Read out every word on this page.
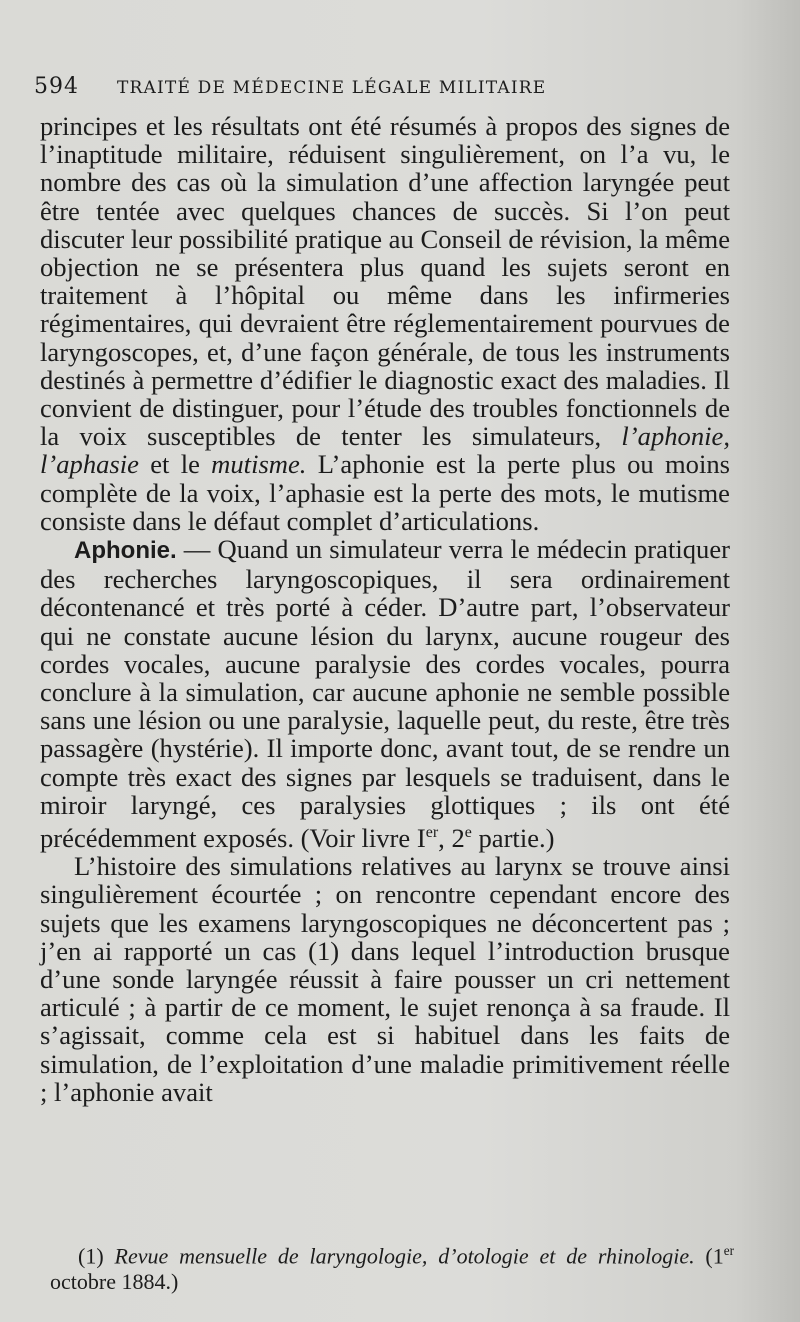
594 TRAITÉ DE MÉDECINE LÉGALE MILITAIRE

principes et les résultats ont été résumés à propos des signes de l’inaptitude militaire, réduisent singulièrement, on l’a vu, le nombre des cas où la simulation d’une affection laryngée peut être tentée avec quelques chances de succès. Si l’on peut discuter leur possibilité pratique au Conseil de révision, la même objection ne se présentera plus quand les sujets seront en traitement à l’hôpital ou même dans les infirmeries régimentaires, qui devraient être réglementairement pourvues de laryngoscopes, et, d’une façon générale, de tous les instruments destinés à permettre d’édifier le diagnostic exact des maladies. Il convient de distinguer, pour l’étude des troubles fonctionnels de la voix susceptibles de tenter les simulateurs, l’aphonie, l’aphasie et le mutisme. L’aphonie est la perte plus ou moins complète de la voix, l’aphasie est la perte des mots, le mutisme consiste dans le défaut complet d’articulations.

Aphonie. — Quand un simulateur verra le médecin pratiquer des recherches laryngoscopiques, il sera ordinairement décontenancé et très porté à céder. D’autre part, l’observateur qui ne constate aucune lésion du larynx, aucune rougeur des cordes vocales, aucune paralysie des cordes vocales, pourra conclure à la simulation, car aucune aphonie ne semble possible sans une lésion ou une paralysie, laquelle peut, du reste, être très passagère (hystérie). Il importe donc, avant tout, de se rendre un compte très exact des signes par lesquels se traduisent, dans le miroir laryngé, ces paralysies glottiques ; ils ont été précédemment exposés. (Voir livre Ier, 2e partie.)

L’histoire des simulations relatives au larynx se trouve ainsi singulièrement écourtée ; on rencontre cependant encore des sujets que les examens laryngoscopiques ne déconcertent pas ; j’en ai rapporté un cas (1) dans lequel l’introduction brusque d’une sonde laryngée réussit à faire pousser un cri nettement articulé ; à partir de ce moment, le sujet renonça à sa fraude. Il s’agissait, comme cela est si habituel dans les faits de simulation, de l’exploitation d’une maladie primitivement réelle ; l’aphonie avait

(1) Revue mensuelle de laryngologie, d’otologie et de rhinologie. (1er octobre 1884.)
